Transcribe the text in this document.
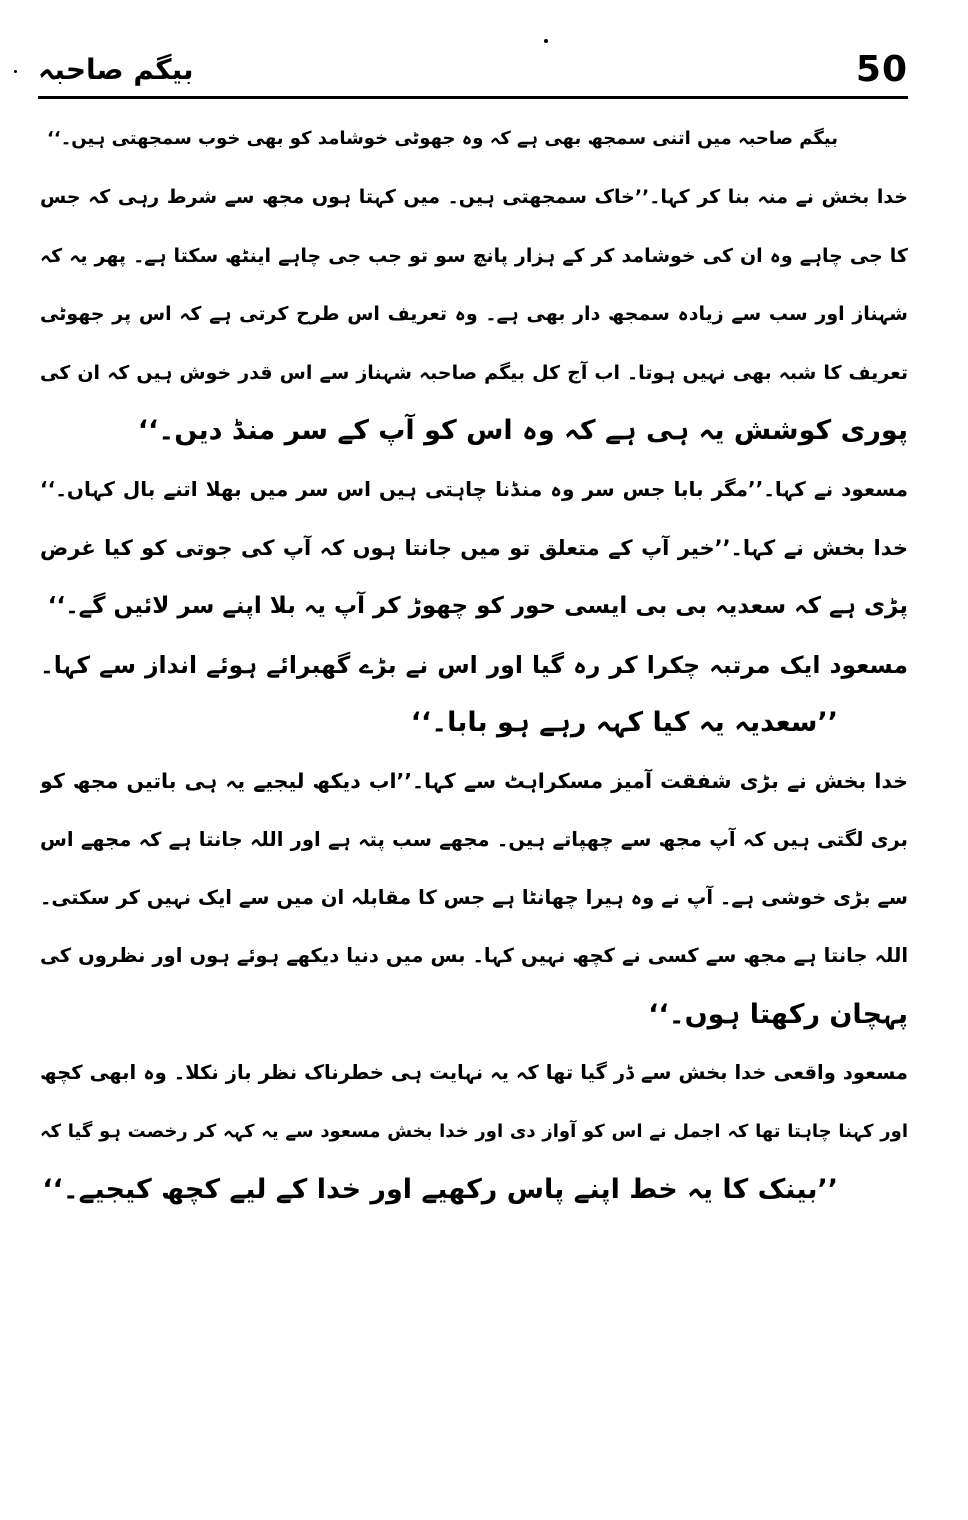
بیگم صاحبہ	50
بیگم صاحبہ میں اتنی سمجھ بھی ہے کہ وہ جھوٹی خوشامد کو بھی خوب سمجھتی ہیں۔‘‘
خدا بخش نے منہ بنا کر کہا۔’’خاک سمجھتی ہیں۔ میں کہتا ہوں مجھ سے شرط رہی کہ جس
کا جی چاہے وہ ان کی خوشامد کر کے ہزار پانچ سو تو جب جی چاہے اینٹھ سکتا ہے۔ پھر یہ کہ
شہناز اور سب سے زیادہ سمجھ دار بھی ہے۔ وہ تعریف اس طرح کرتی ہے کہ اس پر جھوٹی
تعریف کا شبہ بھی نہیں ہوتا۔ اب آج کل بیگم صاحبہ شہناز سے اس قدر خوش ہیں کہ ان کی
پوری کوشش یہ ہی ہے کہ وہ اس کو آپ کے سر منڈ دیں۔‘‘
مسعود نے کہا۔’’مگر بابا جس سر وہ منڈنا چاہتی ہیں اس سر میں بھلا اتنے بال کہاں۔‘‘
خدا بخش نے کہا۔’’خیر آپ کے متعلق تو میں جانتا ہوں کہ آپ کی جوتی کو کیا غرض
پڑی ہے کہ سعدیہ بی بی ایسی حور کو چھوڑ کر آپ یہ بلا اپنے سر لائیں گے۔‘‘
مسعود ایک مرتبہ چکرا کر رہ گیا اور اس نے بڑے گھبرائے ہوئے انداز سے کہا۔
’’سعدیہ یہ کیا کہہ رہے ہو بابا۔‘‘
خدا بخش نے بڑی شفقت آمیز مسکراہٹ سے کہا۔’’اب دیکھ لیجیے یہ ہی باتیں مجھ کو
بری لگتی ہیں کہ آپ مجھ سے چھپاتے ہیں۔ مجھے سب پتہ ہے اور اللہ جانتا ہے کہ مجھے اس
سے بڑی خوشی ہے۔ آپ نے وہ ہیرا چھانٹا ہے جس کا مقابلہ ان میں سے ایک نہیں کر سکتی۔
اللہ جانتا ہے مجھ سے کسی نے کچھ نہیں کہا۔ بس میں دنیا دیکھے ہوئے ہوں اور نظروں کی
پہچان رکھتا ہوں۔‘‘
مسعود واقعی خدا بخش سے ڈر گیا تھا کہ یہ نہایت ہی خطرناک نظر باز نکلا۔ وہ ابھی کچھ
اور کہنا چاہتا تھا کہ اجمل نے اس کو آواز دی اور خدا بخش مسعود سے یہ کہہ کر رخصت ہو گیا کہ
’’بینک کا یہ خط اپنے پاس رکھیے اور خدا کے لیے کچھ کیجیے۔‘‘
